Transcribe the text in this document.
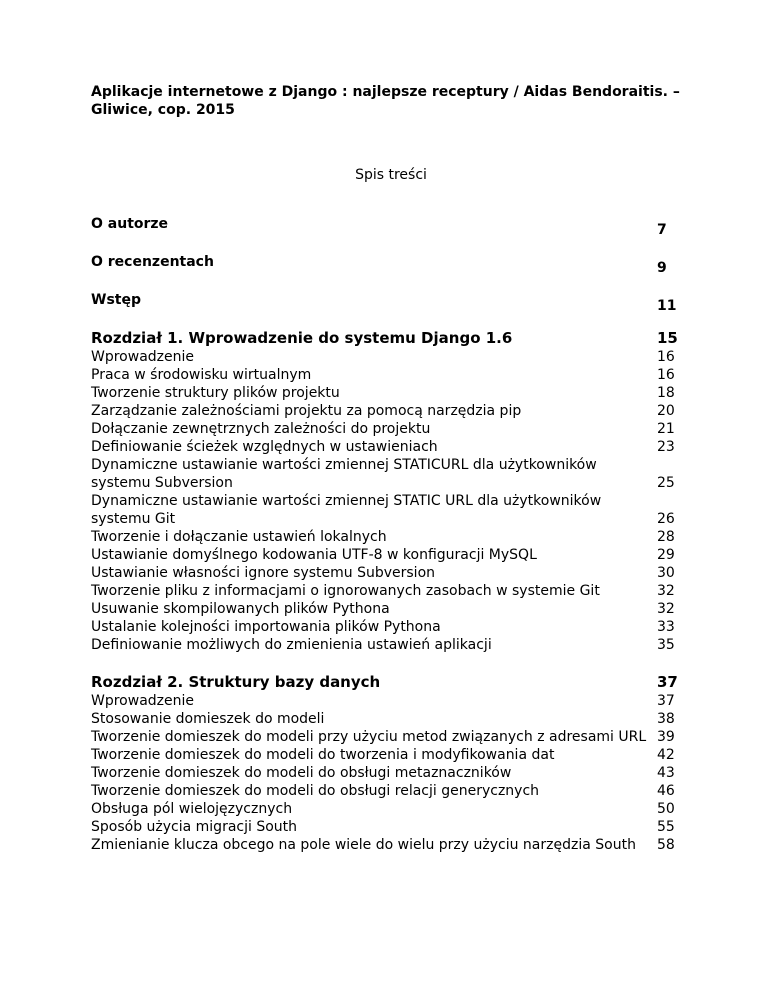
Aplikacje internetowe z Django : najlepsze receptury / Aidas Bendoraitis. – Gliwice, cop. 2015

Spis treści

O autorze	7
O recenzentach	9
Wstęp	11
Rozdział 1. Wprowadzenie do systemu Django 1.6	15
Wprowadzenie	16
Praca w środowisku wirtualnym	16
Tworzenie struktury plików projektu	18
Zarządzanie zależnościami projektu za pomocą narzędzia pip	20
Dołączanie zewnętrznych zależności do projektu	21
Definiowanie ścieżek względnych w ustawieniach	23
Dynamiczne ustawianie wartości zmiennej STATICURL dla użytkowników systemu Subversion	25
Dynamiczne ustawianie wartości zmiennej STATIC URL dla użytkowników systemu Git	26
Tworzenie i dołączanie ustawień lokalnych	28
Ustawianie domyślnego kodowania UTF-8 w konfiguracji MySQL	29
Ustawianie własności ignore systemu Subversion	30
Tworzenie pliku z informacjami o ignorowanych zasobach w systemie Git	32
Usuwanie skompilowanych plików Pythona	32
Ustalanie kolejności importowania plików Pythona	33
Definiowanie możliwych do zmienienia ustawień aplikacji	35
Rozdział 2. Struktury bazy danych	37
Wprowadzenie	37
Stosowanie domieszek do modeli	38
Tworzenie domieszek do modeli przy użyciu metod związanych z adresami URL 39
Tworzenie domieszek do modeli do tworzenia i modyfikowania dat	42
Tworzenie domieszek do modeli do obsługi metaznaczników	43
Tworzenie domieszek do modeli do obsługi relacji generycznych	46
Obsługa pól wielojęzycznych	50
Sposób użycia migracji South	55
Zmienianie klucza obcego na pole wiele do wielu przy użyciu narzędzia South	58
